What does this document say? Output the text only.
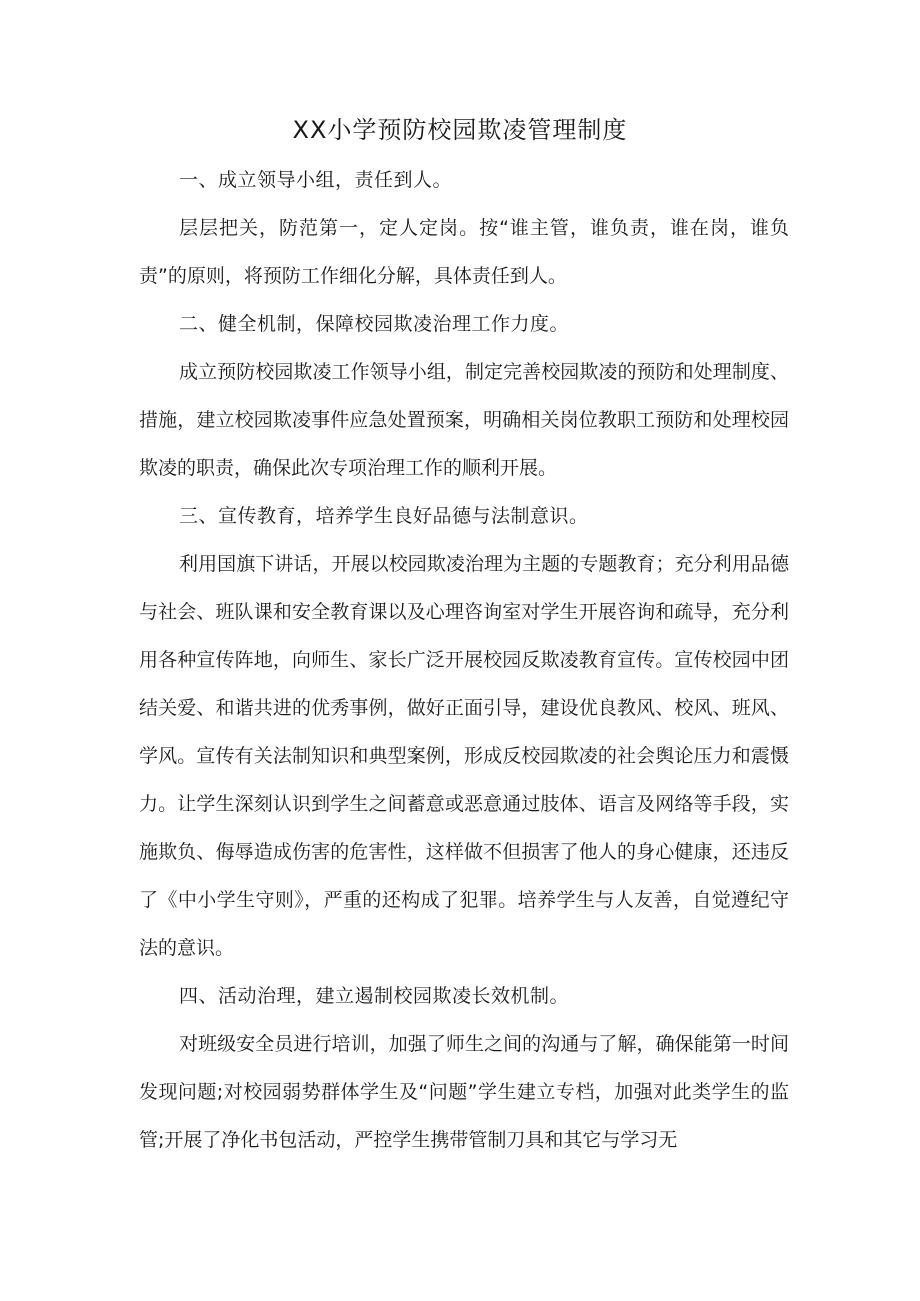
XX小学预防校园欺凌管理制度

一、成立领导小组，责任到人。

层层把关，防范第一，定人定岗。按“谁主管，谁负责，谁在岗，谁负责”的原则，将预防工作细化分解，具体责任到人。

二、健全机制，保障校园欺凌治理工作力度。

成立预防校园欺凌工作领导小组，制定完善校园欺凌的预防和处理制度、措施，建立校园欺凌事件应急处置预案，明确相关岗位教职工预防和处理校园欺凌的职责，确保此次专项治理工作的顺利开展。

三、宣传教育，培养学生良好品德与法制意识。

利用国旗下讲话，开展以校园欺凌治理为主题的专题教育；充分利用品德与社会、班队课和安全教育课以及心理咨询室对学生开展咨询和疏导，充分利用各种宣传阵地，向师生、家长广泛开展校园反欺凌教育宣传。宣传校园中团结关爱、和谐共进的优秀事例，做好正面引导，建设优良教风、校风、班风、学风。宣传有关法制知识和典型案例，形成反校园欺凌的社会舆论压力和震慑力。让学生深刻认识到学生之间蓄意或恶意通过肢体、语言及网络等手段，实施欺负、侮辱造成伤害的危害性，这样做不但损害了他人的身心健康，还违反了《中小学生守则》，严重的还构成了犯罪。培养学生与人友善，自觉遵纪守法的意识。

四、活动治理，建立遏制校园欺凌长效机制。

对班级安全员进行培训，加强了师生之间的沟通与了解，确保能第一时间发现问题;对校园弱势群体学生及“问题”学生建立专档，加强对此类学生的监管;开展了净化书包活动，严控学生携带管制刀具和其它与学习无
